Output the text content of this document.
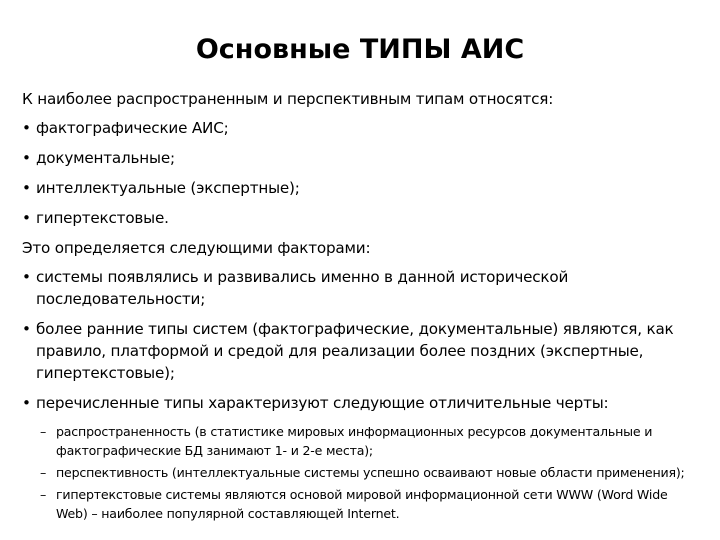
Основные ТИПЫ АИС
К наиболее распространенным и перспективным типам относятся:
• фактографические АИС;
• документальные;
• интеллектуальные (экспертные);
• гипертекстовые.
Это определяется следующими факторами:
• системы появлялись и развивались именно в данной исторической последовательности;
• более ранние типы систем (фактографические, документальные) являются, как правило, платформой и средой для реализации более поздних (экспертные, гипертекстовые);
• перечисленные типы характеризуют следующие отличительные черты:
– распространенность (в статистике мировых информационных ресурсов документальные и фактографические БД занимают 1- и 2-е места);
– перспективность (интеллектуальные системы успешно осваивают новые области применения);
– гипертекстовые системы являются основой мировой информационной сети WWW (Word Wide Web) – наиболее популярной составляющей Internet.
